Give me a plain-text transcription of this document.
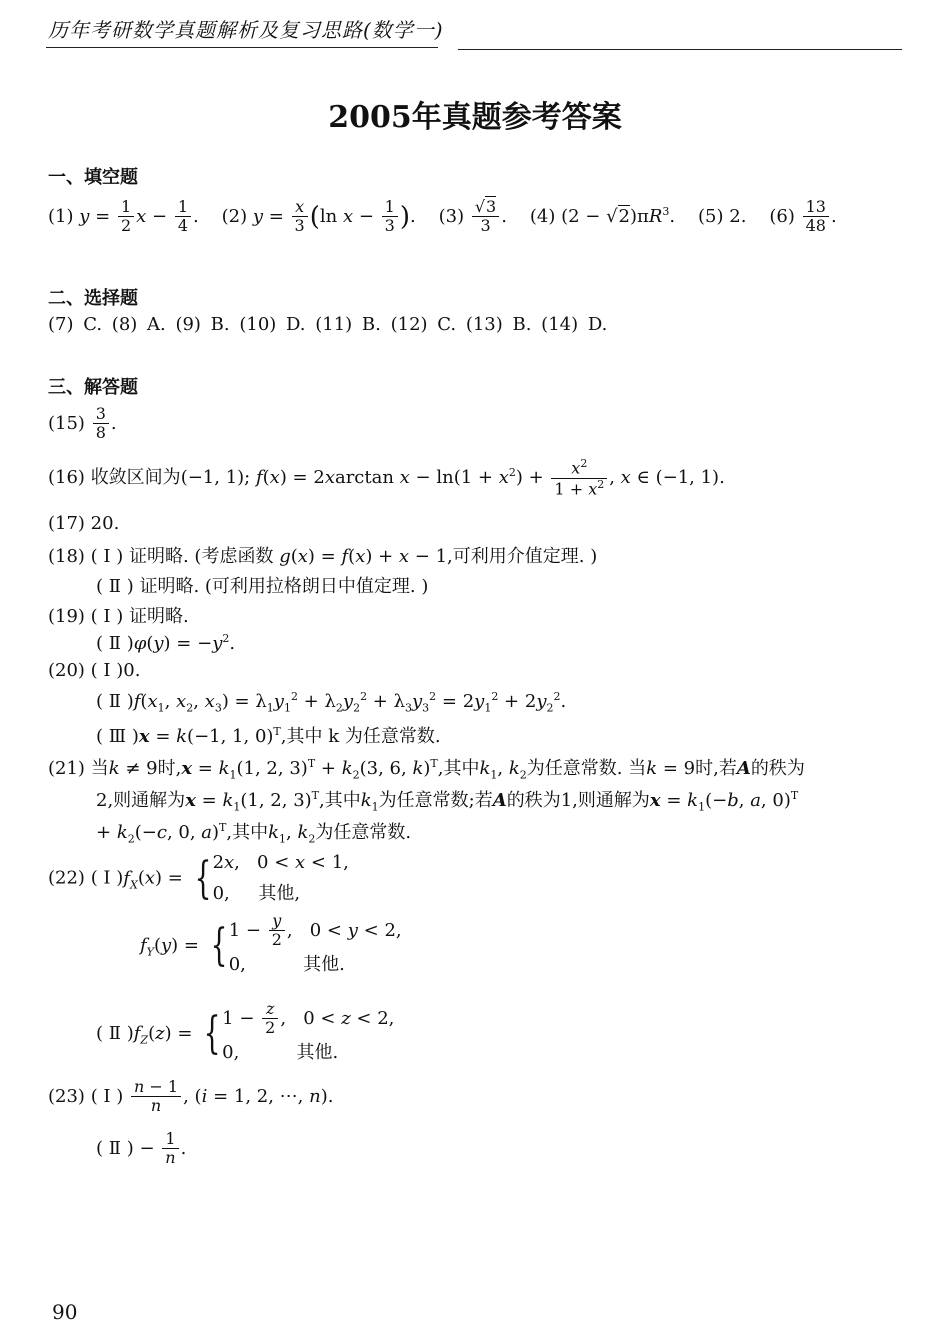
历年考研数学真题解析及复习思路(数学一)
2005年真题参考答案
一、填空题
(1) $y = \frac{1}{2}$ $x - \frac{1}{4}$ .    (2) $y = \frac{x}{3} (\ln$ $x - \frac{1}{3}$ ).    $(3) \frac{√3}{3}$ .    (4) $(2 - √2)\pi R^3$.    (5) 2. $(6) \frac{13}{48}$ .
二、选择题
(7) C. (8) A. (9) B. (10) D. (11) B. (12) C. (13) B. (14) D.
三、解答题
$(15) \frac{3}{8}$ .
(16) 收敛区间为(−1, 1); f(x) = 2xarctan $x - \ln(1 + x^2) + \frac{x^2}{1 + x^2}$ , x ∈ (−1, 1).
(17) 20.
(18) ( Ⅰ ) 证明略. (考虑函数 g(x) = f(x) + x − 1,可利用介值定理. )
( Ⅱ ) 证明略. (可利用拉格朗日中值定理. )
(19) ( Ⅰ ) 证明略.
( Ⅱ )$\varphi(y) = -y^2$.
(20) ( Ⅰ )0.
( Ⅱ )$f(x_1$, $x_2$, $x_3) = \lambda_1y_1^2 + \lambda_2y_2^2 + \lambda_3y_3^2 = 2y_1^2 + 2y_2^2$.
( Ⅲ )x = k(−1, 1, 0)$^T$,其中 k 为任意常数.
(21) 当k ≠ 9时$,x = k_1(1$, 2, $3)^T + k_2(3$, 6, k)$^T$,其中$k_1$, $k_2$为任意常数. 当k = 9时,若A的秩为
2,则通解为$x = k_1(1$, 2, 3)$^T$,其中$k_1$为任意常数;若A的秩为1,则通解为$x = k_1(-b$, a, 0)$^T$
+ $k_2(-c$, 0, a)$^T$,其中$k_1$, $k_2$为任意常数.
(22) ( Ⅰ )$f_X(x)$ = { 2x,   0 < x < 1,
0,     其他,
$f_Y(y)$ = { $1 - \frac{y}{2}$ ,   0 < y < 2,
0,          其他.
( Ⅱ )$f_Z(z)$ = { $1 - \frac{z}{2}$ ,   0 < z < 2,
0,          其他.
(23) ( Ⅰ ) $\frac{n - 1}{n}$ , (i = 1, 2, ⋯, n).
( Ⅱ ) − $\frac{1}{n}$ .
90
